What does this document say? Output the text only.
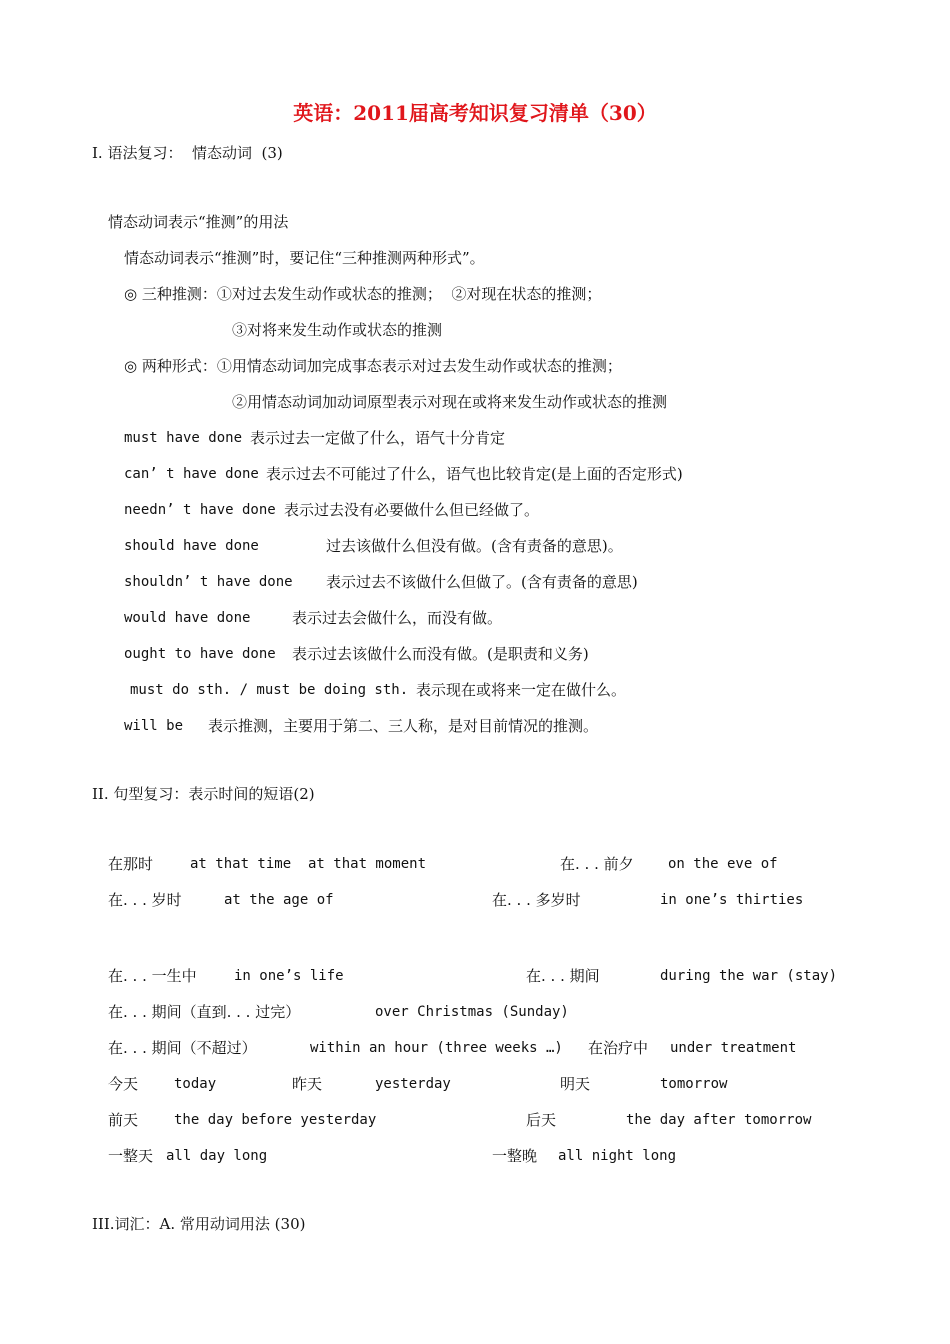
英语：2011届高考知识复习清单（30）
I. 语法复习：  情态动词  (3)
情态动词表示“推测”的用法
情态动词表示“推测”时，要记住“三种推测两种形式”。
◎ 三种推测：①对过去发生动作或状态的推测；  ②对现在状态的推测；
③对将来发生动作或状态的推测
◎ 两种形式：①用情态动词加完成事态表示对过去发生动作或状态的推测；
②用情态动词加动词原型表示对现在或将来发生动作或状态的推测
must have done 表示过去一定做了什么，语气十分肯定
can’ t have done 表示过去不可能过了什么，语气也比较肯定(是上面的否定形式)
needn’ t have done 表示过去没有必要做什么但已经做了。
should have done	过去该做什么但没有做。(含有责备的意思)。
shouldn’ t have done 表示过去不该做什么但做了。(含有责备的意思)
would have done	表示过去会做什么，而没有做。
ought to have done 表示过去该做什么而没有做。(是职责和义务)
must do sth. / must be doing sth. 表示现在或将来一定在做什么。
will be 表示推测，主要用于第二、三人称，是对目前情况的推测。
II. 句型复习：表示时间的短语(2)
在那时	at that time  at that moment	在. . . 前夕 on the eve of
在. . . 岁时	at the age of	在. . . 多岁时	in one’s thirties
在. . . 一生中	in one’s life	在. . . 期间	during the war (stay)
在. . . 期间（直到. . . 过完）	over Christmas (Sunday)
在. . . 期间（不超过）	within an hour (three weeks …) 在治疗中 under treatment
今天	today	昨天	yesterday	明天	tomorrow
前天	the day before yesterday	后天	the day after tomorrow
一整天 all day long	一整晚 all night long
III.词汇：A. 常用动词用法 (30)
